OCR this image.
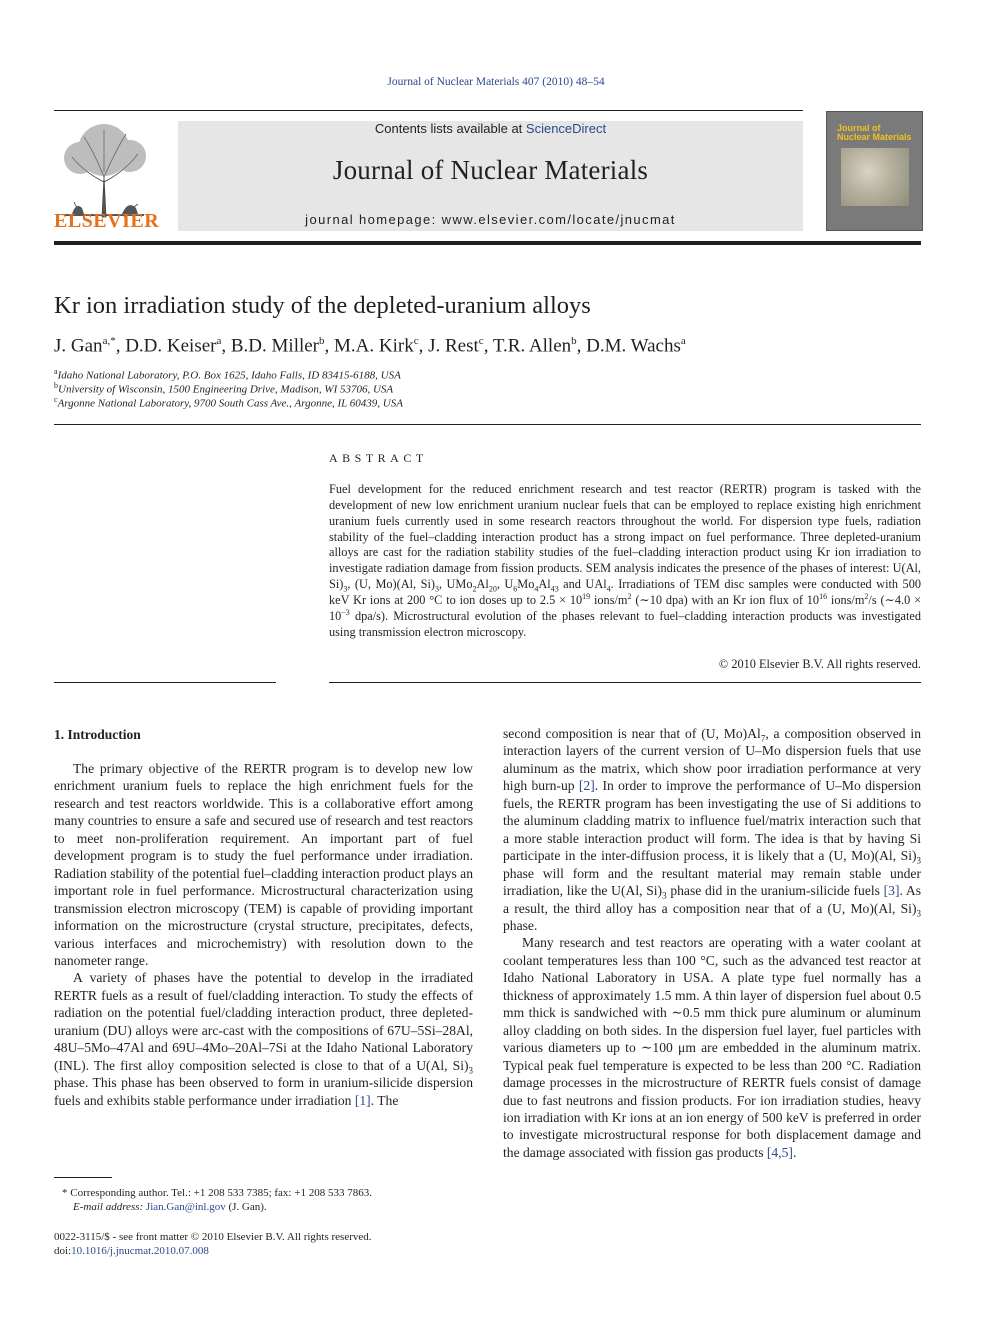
Journal of Nuclear Materials 407 (2010) 48–54
ELSEVIER
Contents lists available at ScienceDirect
Journal of Nuclear Materials
journal homepage: www.elsevier.com/locate/jnucmat
Journal of
Nuclear Materials
Kr ion irradiation study of the depleted-uranium alloys
J. Gan$^{a,*}$, D.D. Keiser$^a$, B.D. Miller$^b$, M.A. Kirk$^c$, J. Rest$^c$, T.R. Allen$^b$, D.M. Wachs$^a$
$^a$Idaho National Laboratory, P.O. Box 1625, Idaho Falls, ID 83415-6188, USA
$^b$University of Wisconsin, 1500 Engineering Drive, Madison, WI 53706, USA
$^c$Argonne National Laboratory, 9700 South Cass Ave., Argonne, IL 60439, USA
ABSTRACT
Fuel development for the reduced enrichment research and test reactor (RERTR) program is tasked with the development of new low enrichment uranium nuclear fuels that can be employed to replace existing high enrichment uranium fuels currently used in some research reactors throughout the world. For dispersion type fuels, radiation stability of the fuel–cladding interaction product has a strong impact on fuel performance. Three depleted-uranium alloys are cast for the radiation stability studies of the fuel–cladding interaction product using Kr ion irradiation to investigate radiation damage from fission products. SEM analysis indicates the presence of the phases of interest: U(Al, $Si)_3$, (U, Mo)(Al, $Si)_3$, $UMo_2Al_{20}$, $U_6Mo_4Al_{43}$ and UAl$_4$. Irradiations of TEM disc samples were conducted with 500 keV Kr ions at 200 °C to ion doses up to $2.5 \times 10^{19}$ ions/$m^2$ (∼10 dpa) with an Kr ion flux of $10^{16}$ ions/$m^2/s$ (∼4.0 × $10^{-3}$ dpa/s). Microstructural evolution of the phases relevant to fuel–cladding interaction products was investigated using transmission electron microscopy.
© 2010 Elsevier B.V. All rights reserved.
1. Introduction

The primary objective of the RERTR program is to develop new low enrichment uranium fuels to replace the high enrichment fuels for the research and test reactors worldwide. This is a collaborative effort among many countries to ensure a safe and secured use of research and test reactors to meet non-proliferation requirement. An important part of fuel development program is to study the fuel performance under irradiation. Radiation stability of the potential fuel–cladding interaction product plays an important role in fuel performance. Microstructural characterization using transmission electron microscopy (TEM) is capable of providing important information on the microstructure (crystal structure, precipitates, defects, various interfaces and microchemistry) with resolution down to the nanometer range.

A variety of phases have the potential to develop in the irradiated RERTR fuels as a result of fuel/cladding interaction. To study the effects of radiation on the potential fuel/cladding interaction product, three depleted-uranium (DU) alloys were arc-cast with the compositions of 67U–5Si–28Al, 48U–5Mo–47Al and 69U–4Mo–20Al–7Si at the Idaho National Laboratory (INL). The first alloy composition selected is close to that of a U(Al, $Si)_3$ phase. This phase has been observed to form in uranium-silicide dispersion fuels and exhibits stable performance under irradiation [1]. The

second composition is near that of (U, $Mo)Al_7$, a composition observed in interaction layers of the current version of U–Mo dispersion fuels that use aluminum as the matrix, which show poor irradiation performance at very high burn-up [2]. In order to improve the performance of U–Mo dispersion fuels, the RERTR program has been investigating the use of Si additions to the aluminum cladding matrix to influence fuel/matrix interaction such that a more stable interaction product will form. The idea is that by having Si participate in the inter-diffusion process, it is likely that a (U, Mo)(Al, $Si)_3$ phase will form and the resultant material may remain stable under irradiation, like the U(Al, $Si)_3$ phase did in the uranium-silicide fuels [3]. As a result, the third alloy has a composition near that of a (U, Mo)(Al, $Si)_3$ phase.

Many research and test reactors are operating with a water coolant at coolant temperatures less than 100 °C, such as the advanced test reactor at Idaho National Laboratory in USA. A plate type fuel normally has a thickness of approximately 1.5 mm. A thin layer of dispersion fuel about 0.5 mm thick is sandwiched with ∼0.5 mm thick pure aluminum or aluminum alloy cladding on both sides. In the dispersion fuel layer, fuel particles with various diameters up to ∼100 μm are embedded in the aluminum matrix. Typical peak fuel temperature is expected to be less than 200 °C. Radiation damage processes in the microstructure of RERTR fuels consist of damage due to fast neutrons and fission products. For ion irradiation studies, heavy ion irradiation with Kr ions at an ion energy of 500 keV is preferred in order to investigate microstructural response for both displacement damage and the damage associated with fission gas products [4,5].

* Corresponding author. Tel.: +1 208 533 7385; fax: +1 208 533 7863.
E-mail address: Jian.Gan@inl.gov (J. Gan).
0022-3115/$ - see front matter © 2010 Elsevier B.V. All rights reserved.
doi:10.1016/j.jnucmat.2010.07.008
